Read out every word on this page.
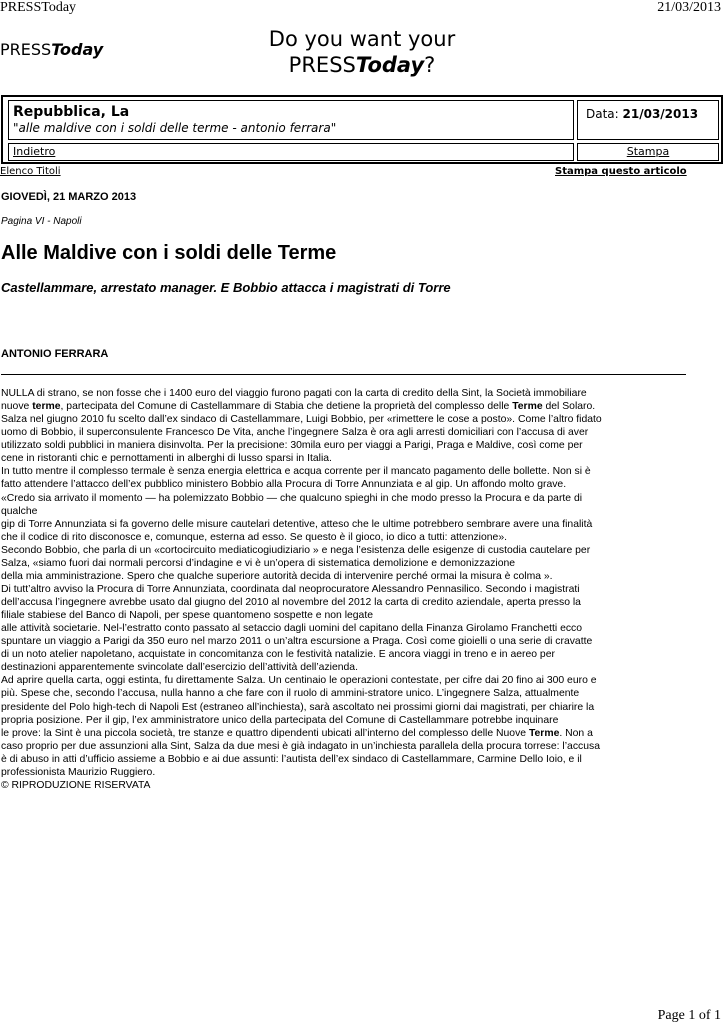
PRESSToday	21/03/2013
PRESSToday	Do you want your
PRESSToday?
Repubblica, La
"alle maldive con i soldi delle terme - antonio ferrara"
Data: 21/03/2013
Indietro	Stampa
Elenco Titoli	Stampa questo articolo
GIOVEDÌ, 21 MARZO 2013
Pagina VI - Napoli
Alle Maldive con i soldi delle Terme
Castellammare, arrestato manager. E Bobbio attacca i magistrati di Torre
ANTONIO FERRARA
NULLA di strano, se non fosse che i 1400 euro del viaggio furono pagati con la carta di credito della Sint, la Società immobiliare
nuove terme, partecipata del Comune di Castellammare di Stabia che detiene la proprietà del complesso delle Terme del Solaro.
Salza nel giugno 2010 fu scelto dall’ex sindaco di Castellammare, Luigi Bobbio, per «rimettere le cose a posto». Come l’altro fidato
uomo di Bobbio, il superconsulente Francesco De Vita, anche l’ingegnere Salza è ora agli arresti domiciliari con l’accusa di aver
utilizzato soldi pubblici in maniera disinvolta. Per la precisione: 30mila euro per viaggi a Parigi, Praga e Maldive, così come per
cene in ristoranti chic e pernottamenti in alberghi di lusso sparsi in Italia.
In tutto mentre il complesso termale è senza energia elettrica e acqua corrente per il mancato pagamento delle bollette. Non si è
fatto attendere l’attacco dell’ex pubblico ministero Bobbio alla Procura di Torre Annunziata e al gip. Un affondo molto grave.
«Credo sia arrivato il momento — ha polemizzato Bobbio — che qualcuno spieghi in che modo presso la Procura e da parte di
qualche
gip di Torre Annunziata si fa governo delle misure cautelari detentive, atteso che le ultime potrebbero sembrare avere una finalità
che il codice di rito disconosce e, comunque, esterna ad esso. Se questo è il gioco, io dico a tutti: attenzione».
Secondo Bobbio, che parla di un «cortocircuito mediaticogiudiziario » e nega l’esistenza delle esigenze di custodia cautelare per
Salza, «siamo fuori dai normali percorsi d’indagine e vi è un’opera di sistematica demolizione e demonizzazione
della mia amministrazione. Spero che qualche superiore autorità decida di intervenire perché ormai la misura è colma ».
Di tutt’altro avviso la Procura di Torre Annunziata, coordinata dal neoprocuratore Alessandro Pennasilico. Secondo i magistrati
dell’accusa l’ingegnere avrebbe usato dal giugno del 2010 al novembre del 2012 la carta di credito aziendale, aperta presso la
filiale stabiese del Banco di Napoli, per spese quantomeno sospette e non legate
alle attività societarie. Nel-l’estratto conto passato al setaccio dagli uomini del capitano della Finanza Girolamo Franchetti ecco
spuntare un viaggio a Parigi da 350 euro nel marzo 2011 o un’altra escursione a Praga. Così come gioielli o una serie di cravatte
di un noto atelier napoletano, acquistate in concomitanza con le festività natalizie. E ancora viaggi in treno e in aereo per
destinazioni apparentemente svincolate dall’esercizio dell’attività dell’azienda.
Ad aprire quella carta, oggi estinta, fu direttamente Salza. Un centinaio le operazioni contestate, per cifre dai 20 fino ai 300 euro e
più. Spese che, secondo l’accusa, nulla hanno a che fare con il ruolo di ammini-stratore unico. L’ingegnere Salza, attualmente
presidente del Polo high-tech di Napoli Est (estraneo all’inchiesta), sarà ascoltato nei prossimi giorni dai magistrati, per chiarire la
propria posizione. Per il gip, l’ex amministratore unico della partecipata del Comune di Castellammare potrebbe inquinare
le prove: la Sint è una piccola società, tre stanze e quattro dipendenti ubicati all’interno del complesso delle Nuove Terme. Non a
caso proprio per due assunzioni alla Sint, Salza da due mesi è già indagato in un’inchiesta parallela della procura torrese: l’accusa
è di abuso in atti d’ufficio assieme a Bobbio e ai due assunti: l’autista dell’ex sindaco di Castellammare, Carmine Dello Ioio, e il
professionista Maurizio Ruggiero.
© RIPRODUZIONE RISERVATA
Page 1 of 1
